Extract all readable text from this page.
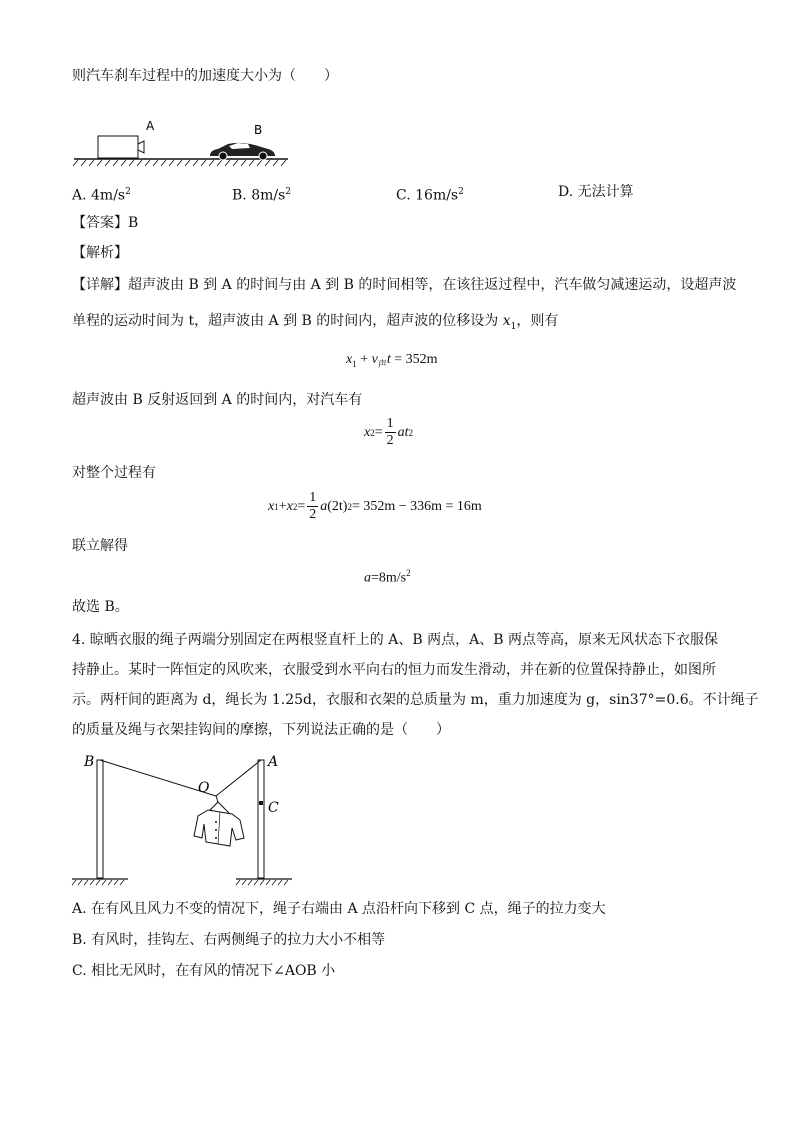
则汽车刹车过程中的加速度大小为（　　）
A	B
A. $4m/s^2$	B. $8m/s^2$	C. $16m/s^2$	D. 无法计算
【答案】B
【解析】
【详解】超声波由 B 到 A 的时间与由 A 到 B 的时间相等，在该往返过程中，汽车做匀减速运动，设超声波
单程的运动时间为 t，超声波由 A 到 B 的时间内，超声波的位移设为 $x_1$，则有
$x_1 + v_声t = 352m$
超声波由 B 反射返回到 A 的时间内，对汽车有
x $2 = \frac{1}{2}$ a t 2
对整个过程有
x 1 + x $2 = \frac{1}{2}$ a (2t) 2 = 352m − 336m = 16m
联立解得
$a=8m/s^2$
故选 B。
4. 晾晒衣服的绳子两端分别固定在两根竖直杆上的 A、B 两点，A、B 两点等高，原来无风状态下衣服保
持静止。某时一阵恒定的风吹来，衣服受到水平向右的恒力而发生滑动，并在新的位置保持静止，如图所
示。两杆间的距离为 d，绳长为 1.25d，衣服和衣架的总质量为 m，重力加速度为 g，sin37°=0.6。不计绳子
的质量及绳与衣架挂钩间的摩擦，下列说法正确的是（　　）
B	A
O
C
A. 在有风且风力不变的情况下，绳子右端由 A 点沿杆向下移到 C 点，绳子的拉力变大
B. 有风时，挂钩左、右两侧绳子的拉力大小不相等
C. 相比无风时，在有风的情况下∠AOB 小
